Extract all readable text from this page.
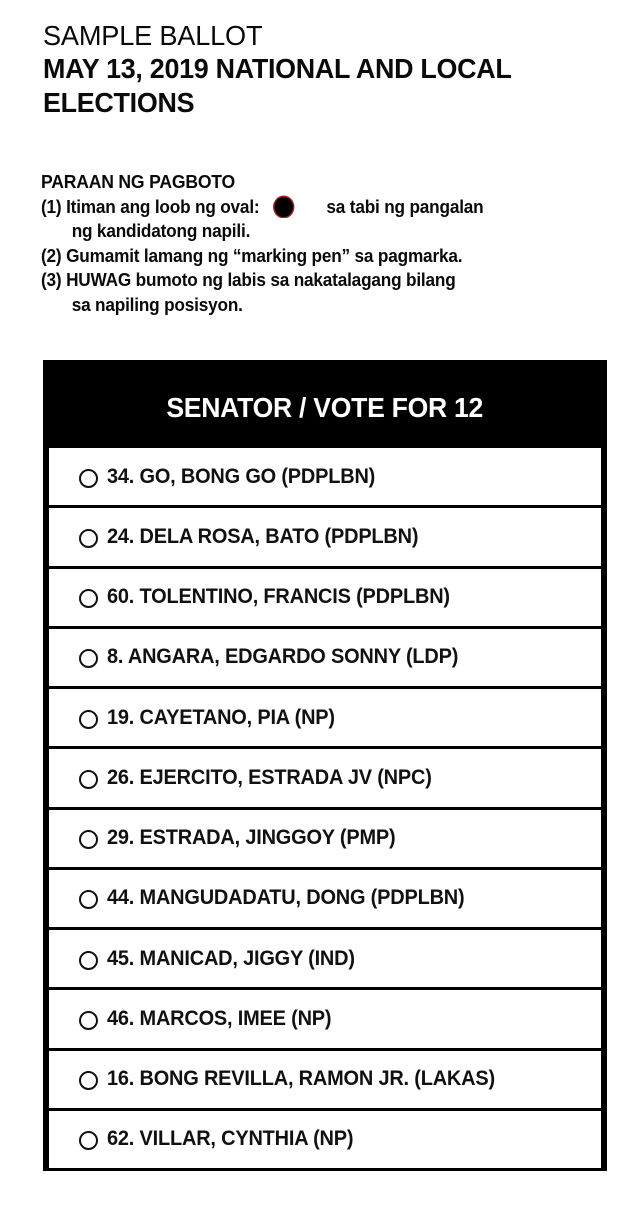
SAMPLE BALLOT
MAY 13, 2019 NATIONAL AND LOCAL
ELECTIONS
PARAAN NG PAGBOTO
(1) Itiman ang loob ng oval:	sa tabi ng pangalan
ng kandidatong napili.
(2) Gumamit lamang ng “marking pen” sa pagmarka.
(3) HUWAG bumoto ng labis sa nakatalagang bilang
sa napiling posisyon.
SENATOR / VOTE FOR 12
34. GO, BONG GO (PDPLBN)
24. DELA ROSA, BATO (PDPLBN)
60. TOLENTINO, FRANCIS (PDPLBN)
8. ANGARA, EDGARDO SONNY (LDP)
19. CAYETANO, PIA (NP)
26. EJERCITO, ESTRADA JV (NPC)
29. ESTRADA, JINGGOY (PMP)
44. MANGUDADATU, DONG (PDPLBN)
45. MANICAD, JIGGY (IND)
46. MARCOS, IMEE (NP)
16. BONG REVILLA, RAMON JR. (LAKAS)
62. VILLAR, CYNTHIA (NP)
